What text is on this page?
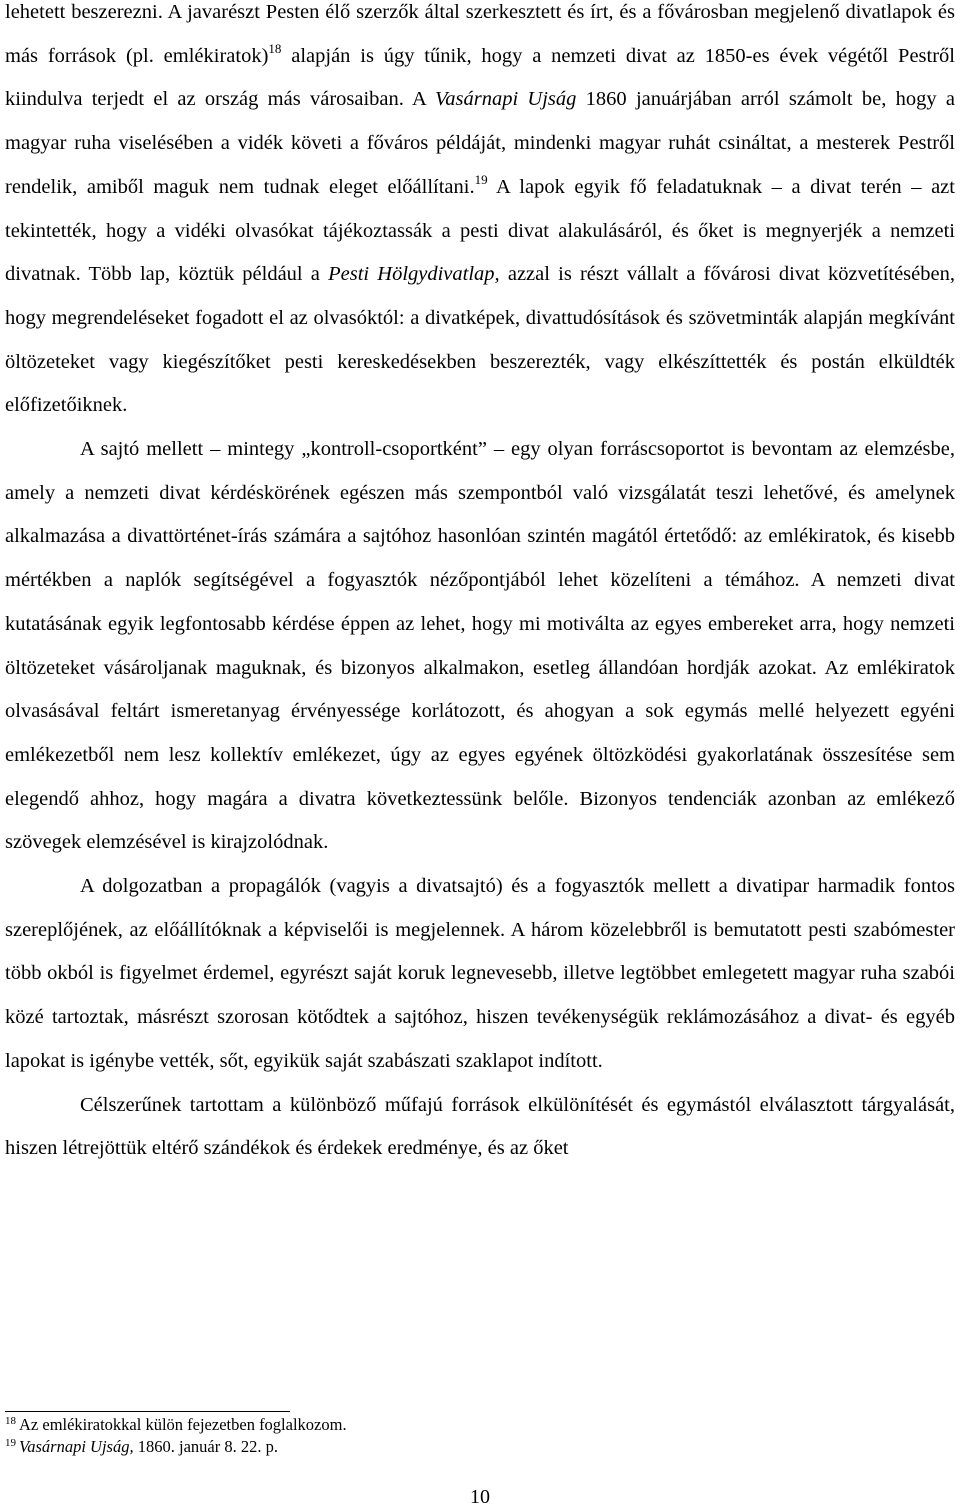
lehetett beszerezni. A javarészt Pesten élő szerzők által szerkesztett és írt, és a fővárosban megjelenő divatlapok és más források (pl. emlékiratok)$^{18}$ alapján is úgy tűnik, hogy a nemzeti divat az 1850-es évek végétől Pestről kiindulva terjedt el az ország más városaiban. A Vasárnapi Ujság 1860 januárjában arról számolt be, hogy a magyar ruha viselésében a vidék követi a főváros példáját, mindenki magyar ruhát csináltat, a mesterek Pestről rendelik, amiből maguk nem tudnak eleget előállítani.$^{19}$ A lapok egyik fő feladatuknak – a divat terén – azt tekintették, hogy a vidéki olvasókat tájékoztassák a pesti divat alakulásáról, és őket is megnyerjék a nemzeti divatnak. Több lap, köztük például a Pesti Hölgydivatlap, azzal is részt vállalt a fővárosi divat közvetítésében, hogy megrendeléseket fogadott el az olvasóktól: a divatképek, divattudósítások és szövetminták alapján megkívánt öltözeteket vagy kiegészítőket pesti kereskedésekben beszerezték, vagy elkészíttették és postán elküldték előfizetőiknek.

A sajtó mellett – mintegy „kontroll-csoportként” – egy olyan forráscsoportot is bevontam az elemzésbe, amely a nemzeti divat kérdéskörének egészen más szempontból való vizsgálatát teszi lehetővé, és amelynek alkalmazása a divattörténet-írás számára a sajtóhoz hasonlóan szintén magától értetődő: az emlékiratok, és kisebb mértékben a naplók segítségével a fogyasztók nézőpontjából lehet közelíteni a témához. A nemzeti divat kutatásának egyik legfontosabb kérdése éppen az lehet, hogy mi motiválta az egyes embereket arra, hogy nemzeti öltözeteket vásároljanak maguknak, és bizonyos alkalmakon, esetleg állandóan hordják azokat. Az emlékiratok olvasásával feltárt ismeretanyag érvényessége korlátozott, és ahogyan a sok egymás mellé helyezett egyéni emlékezetből nem lesz kollektív emlékezet, úgy az egyes egyének öltözködési gyakorlatának összesítése sem elegendő ahhoz, hogy magára a divatra következtessünk belőle. Bizonyos tendenciák azonban az emlékező szövegek elemzésével is kirajzolódnak.

A dolgozatban a propagálók (vagyis a divatsajtó) és a fogyasztók mellett a divatipar harmadik fontos szereplőjének, az előállítóknak a képviselői is megjelennek. A három közelebbről is bemutatott pesti szabómester több okból is figyelmet érdemel, egyrészt saját koruk legnevesebb, illetve legtöbbet emlegetett magyar ruha szabói közé tartoztak, másrészt szorosan kötődtek a sajtóhoz, hiszen tevékenységük reklámozásához a divat- és egyéb lapokat is igénybe vették, sőt, egyikük saját szabászati szaklapot indított.

Célszerűnek tartottam a különböző műfajú források elkülönítését és egymástól elválasztott tárgyalását, hiszen létrejöttük eltérő szándékok és érdekek eredménye, és az őket

$^{18}$ Az emlékiratokkal külön fejezetben foglalkozom.
$^{19}$ Vasárnapi Ujság, 1860. január 8. 22. p.
10
